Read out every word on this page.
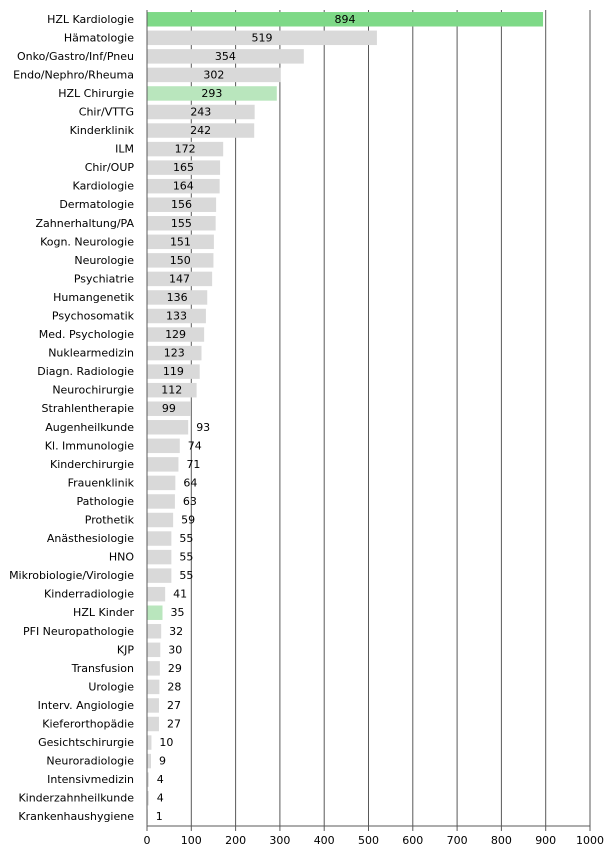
HZL Kardiologie
Hämatologie
Onko/Gastro/Inf/Pneu
Endo/Nephro/Rheuma
HZL Chirurgie
Chir/VTTG
Kinderklinik
ILM
Chir/OUP
Kardiologie
Dermatologie
Zahnerhaltung/PA
Kogn. Neurologie
Neurologie
Psychiatrie
Humangenetik
Psychosomatik
Med. Psychologie
Nuklearmedizin
Diagn. Radiologie
Neurochirurgie
Strahlentherapie
Augenheilkunde
Kl. Immunologie
Kinderchirurgie
Frauenklinik
Pathologie
Prothetik
Anästhesiologie
HNO
Mikrobiologie/Virologie
Kinderradiologie
HZL Kinder
PFI Neuropathologie
KJP
Transfusion
Urologie
Interv. Angiologie
Kieferorthopädie
Gesichtschirurgie
Neuroradiologie
Intensivmedizin
Kinderzahnheilkunde
Krankenhaushygiene
894
519
354
302
293
243
242
172
165
164
156
155
151
150
147
136
133
129
123
119
112
99
93
74
71
64
63
59
55
55
55
41
35
32
30
29
28
27
27
10
9
4
4
1
0	100 200 300 400 500 600 700 800 900 1000
